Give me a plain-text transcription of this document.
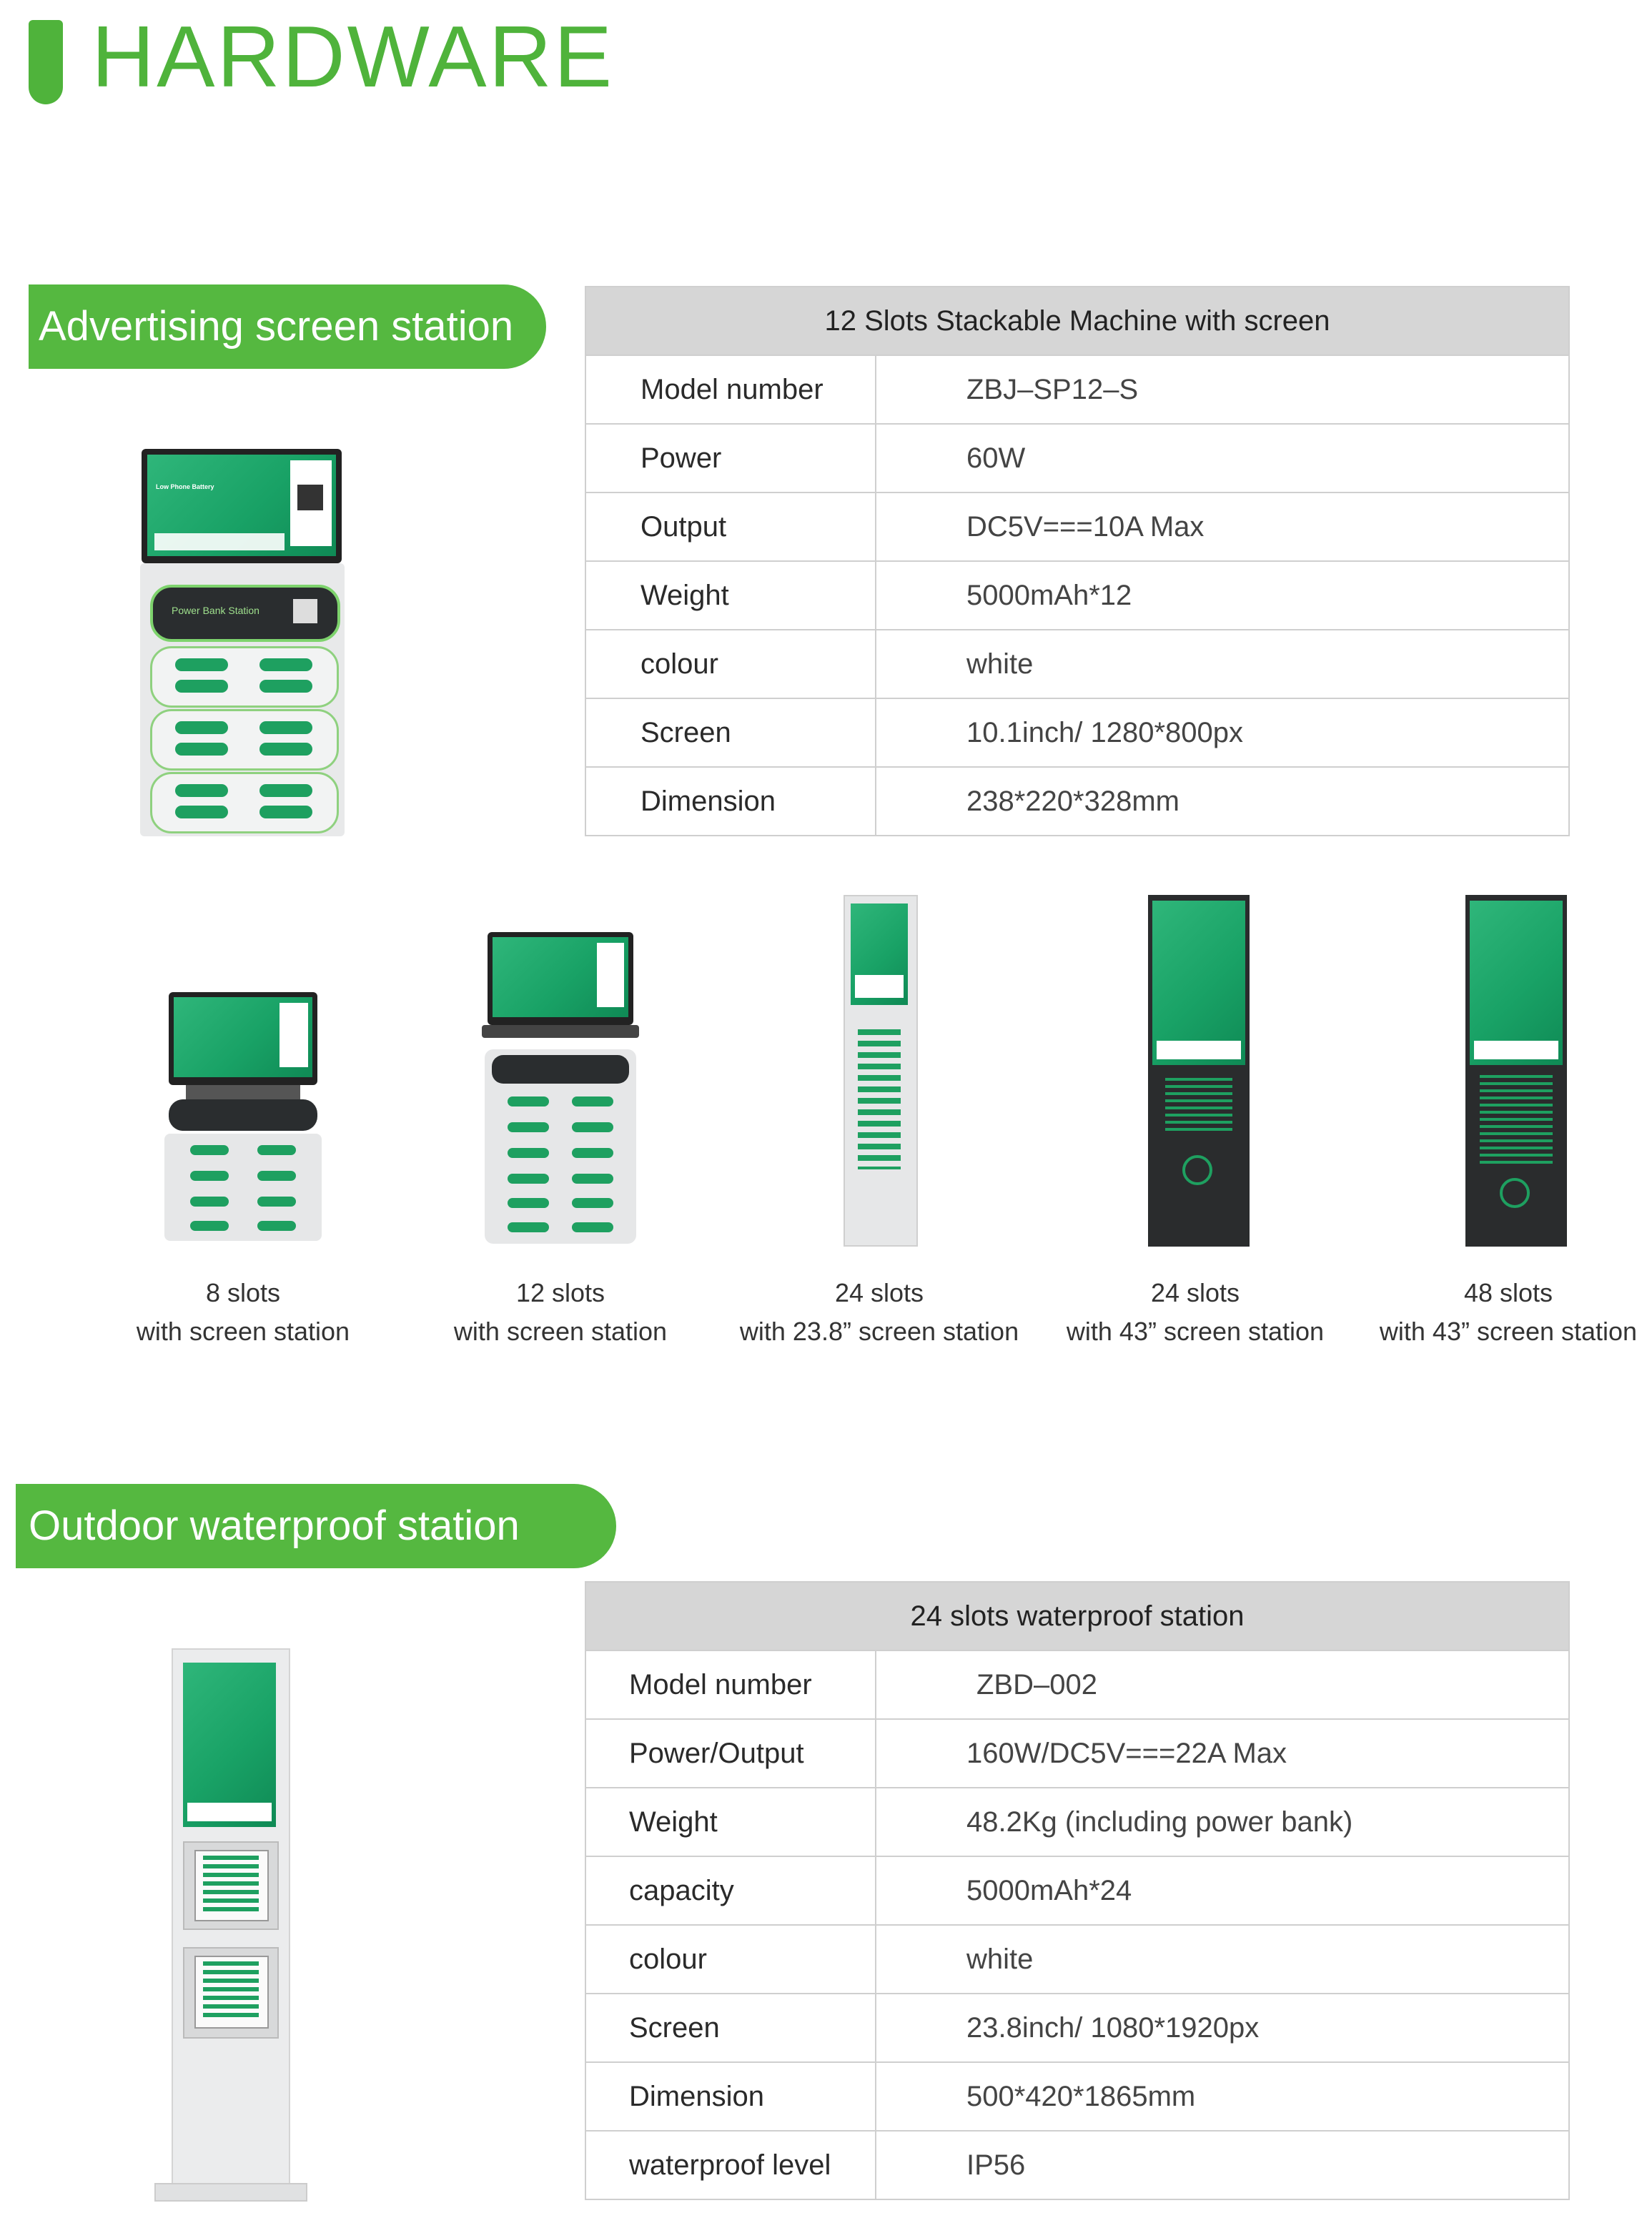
HARDWARE
Advertising screen station	12 Slots Stackable Machine with screen	
Model number	ZBJ–SP12–S
Power	60W
Output	DC5V===10A Max
Weight	5000mAh*12
colour	white
Screen	10.1inch/ 1280*800px
Dimension	238*220*328mm
Low Phone Battery
Power Bank Station
8 slots
with screen station
12 slots
with screen station
24 slots
with 23.8” screen station
24 slots
with 43” screen station
48 slots
with 43” screen station
Outdoor waterproof station
24 slots waterproof station	
Model number	ZBD–002
Power/Output	160W/DC5V===22A Max
Weight	48.2Kg (including power bank)
capacity	5000mAh*24
colour	white
Screen	23.8inch/ 1080*1920px
Dimension	500*420*1865mm
waterproof level	IP56
